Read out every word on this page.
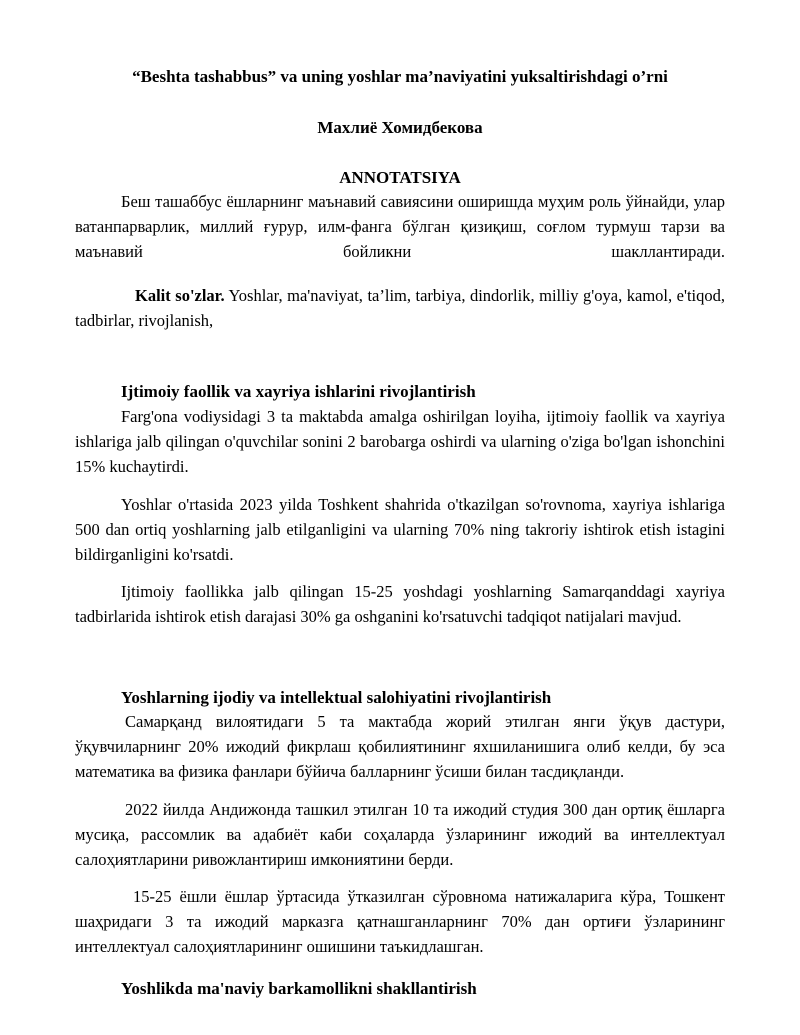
“Beshta tashabbus” va uning yoshlar ma’naviyatini yuksaltirishdagi o’rni
Махлиё Хомидбекова
ANNOTATSIYA

Беш ташаббус ёшларнинг маънавий савиясини оширишда муҳим роль ўйнайди, улар ватанпарварлик, миллий ғурур, илм-фанга бўлган қизиқиш, соғлом турмуш тарзи ва маънавий бойликни шакллантиради.

Kalit so'zlar. Yoshlar, ma'naviyat, ta’lim, tarbiya, dindorlik, milliy g'oya, kamol, e'tiqod, tadbirlar, rivojlanish,

Ijtimoiy faollik va xayriya ishlarini rivojlantirish

Farg'ona vodiysidagi 3 ta maktabda amalga oshirilgan loyiha, ijtimoiy faollik va xayriya ishlariga jalb qilingan o'quvchilar sonini 2 barobarga oshirdi va ularning o'ziga bo'lgan ishonchini 15% kuchaytirdi.

Yoshlar o'rtasida 2023 yilda Toshkent shahrida o'tkazilgan so'rovnoma, xayriya ishlariga 500 dan ortiq yoshlarning jalb etilganligini va ularning 70% ning takroriy ishtirok etish istagini bildirganligini ko'rsatdi.

Ijtimoiy faollikka jalb qilingan 15-25 yoshdagi yoshlarning Samarqanddagi xayriya tadbirlarida ishtirok etish darajasi 30% ga oshganini ko'rsatuvchi tadqiqot natijalari mavjud.

Yoshlarning ijodiy va intellektual salohiyatini rivojlantirish

Самарқанд вилоятидаги 5 та мактабда жорий этилган янги ўқув дастури, ўқувчиларнинг 20% ижодий фикрлаш қобилиятининг яхшиланишига олиб келди, бу эса математика ва физика фанлари бўйича балларнинг ўсиши билан тасдиқланди.

2022 йилда Андижонда ташкил этилган 10 та ижодий студия 300 дан ортиқ ёшларга мусиқа, рассомлик ва адабиёт каби соҳаларда ўзларининг ижодий ва интеллектуал салоҳиятларини ривожлантириш имкониятини берди.

15-25 ёшли ёшлар ўртасида ўтказилган сўровнома натижаларига кўра, Тошкент шаҳридаги 3 та ижодий марказга қатнашганларнинг 70% дан ортиғи ўзларининг интеллектуал салоҳиятларининг ошишини таъкидлашган.

Yoshlikda ma'naviy barkamollikni shakllantirish
